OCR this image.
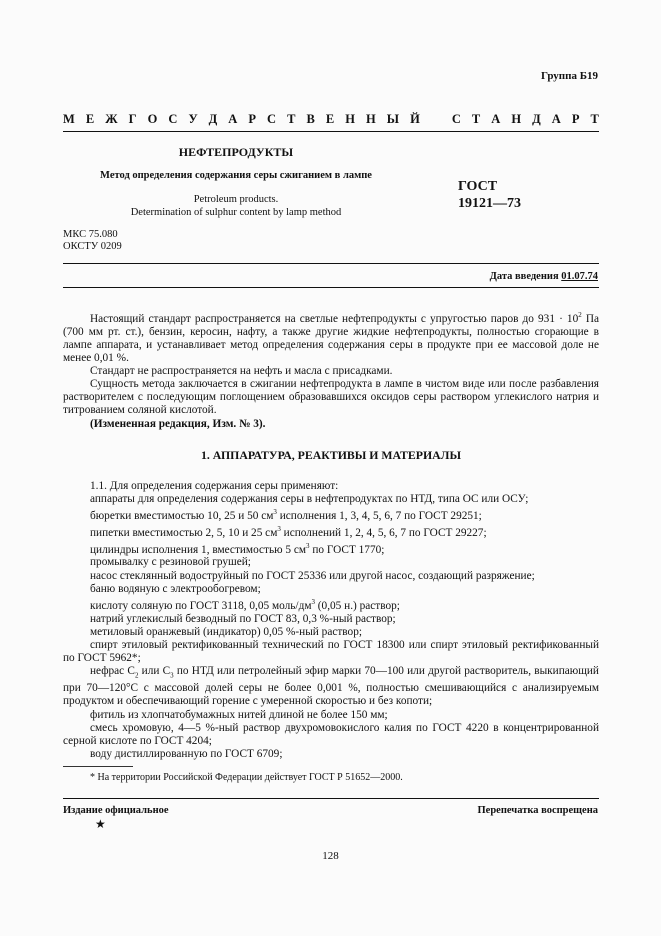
Группа Б19
М Е Ж Г О С У Д А Р С Т В Е Н Н Ы Й	С Т А Н Д А Р Т
НЕФТЕПРОДУКТЫ
Метод определения содержания серы сжиганием в лампе
Petroleum products.
Determination of sulphur content by lamp method
ГОСТ
19121—73
МКС 75.080
ОКСТУ 0209
Дата введения 01.07.74

Настоящий стандарт распространяется на светлые нефтепродукты с упругостью паров до $931 \cdot 10^2$ Па (700 мм рт. ст.), бензин, керосин, нафту, а также другие жидкие нефтепродукты, полностью сгорающие в лампе аппарата, и устанавливает метод определения содержания серы в продукте при ее массовой доле не менее 0,01 %.

Стандарт не распространяется на нефть и масла с присадками.

Сущность метода заключается в сжигании нефтепродукта в лампе в чистом виде или после разбавления растворителем с последующим поглощением образовавшихся оксидов серы раствором углекислого натрия и титрованием соляной кислотой.

(Измененная редакция, Изм. № 3).

1. АППАРАТУРА, РЕАКТИВЫ И МАТЕРИАЛЫ

1.1. Для определения содержания серы применяют:

аппараты для определения содержания серы в нефтепродуктах по НТД, типа ОС или ОСУ;

бюретки вместимостью 10, 25 и 50 $см^3$ исполнения 1, 3, 4, 5, 6, 7 по ГОСТ 29251;

пипетки вместимостью 2, 5, 10 и 25 $см^3$ исполнений 1, 2, 4, 5, 6, 7 по ГОСТ 29227;

цилиндры исполнения 1, вместимостью 5 $см^3$ по ГОСТ 1770;

промывалку с резиновой грушей;

насос стеклянный водоструйный по ГОСТ 25336 или другой насос, создающий разряжение;

баню водяную с электрообогревом;

кислоту соляную по ГОСТ 3118, 0,05 моль/$дм^3$ (0,05 н.) раствор;

натрий углекислый безводный по ГОСТ 83, 0,3 %-ный раствор;

метиловый оранжевый (индикатор) 0,05 %-ный раствор;

спирт этиловый ректификованный технический по ГОСТ 18300 или спирт этиловый ректификованный по ГОСТ 5962*;

нефрас $С_2$ или $С_3$ по НТД или петролейный эфир марки 70—100 или другой растворитель, выкипающий при 70—120°С с массовой долей серы не более 0,001 %, полностью смешивающийся с анализируемым продуктом и обеспечивающий горение с умеренной скоростью и без копоти;

фитиль из хлопчатобумажных нитей длиной не более 150 мм;

смесь хромовую, 4—5 %-ный раствор двухромовокислого калия по ГОСТ 4220 в концентрированной серной кислоте по ГОСТ 4204;

воду дистиллированную по ГОСТ 6709;

* На территории Российской Федерации действует ГОСТ Р 51652—2000.
Издание официальное	Перепечатка воспрещена
★
128
